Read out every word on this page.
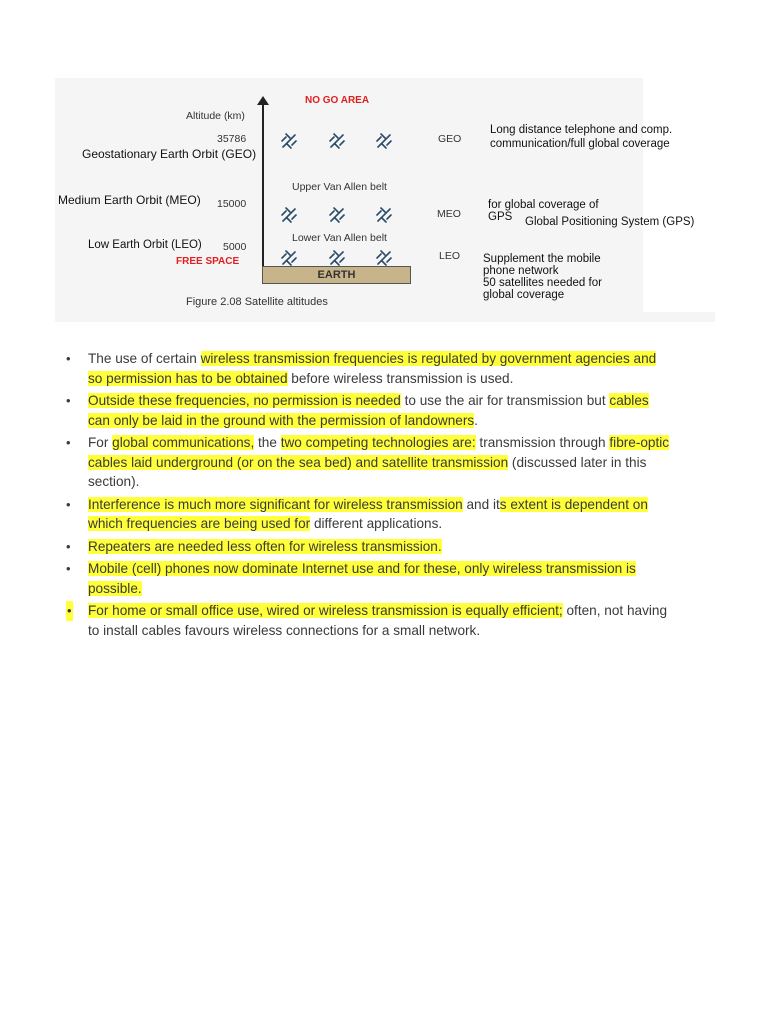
NO GO AREA
Altitude (km)
35786
Geostationary Earth Orbit (GEO)
GEO
Long distance telephone and comp.
communication/full global coverage
Upper Van Allen belt
Medium Earth Orbit (MEO) 15000
MEO
for global coverage of
GPS Global Positioning System (GPS)
Lower Van Allen belt
Low Earth Orbit (LEO) 5000
FREE SPACE	LEO Supplement the mobile
phone network
50 satellites needed for
global coverage
EARTH
Figure 2.08 Satellite altitudes
• The use of certain wireless transmission frequencies is regulated by government agencies and so permission has to be obtained before wireless transmission is used.
• Outside these frequencies, no permission is needed to use the air for transmission but cables can only be laid in the ground with the permission of landowners.
• For global communications, the two competing technologies are: transmission through fibre-optic cables laid underground (or on the sea bed) and satellite transmission (discussed later in this section).
• Interference is much more significant for wireless transmission and its extent is dependent on which frequencies are being used for different applications.
• Repeaters are needed less often for wireless transmission.
• Mobile (cell) phones now dominate Internet use and for these, only wireless transmission is possible.
• For home or small office use, wired or wireless transmission is equally efficient; often, not having to install cables favours wireless connections for a small network.
